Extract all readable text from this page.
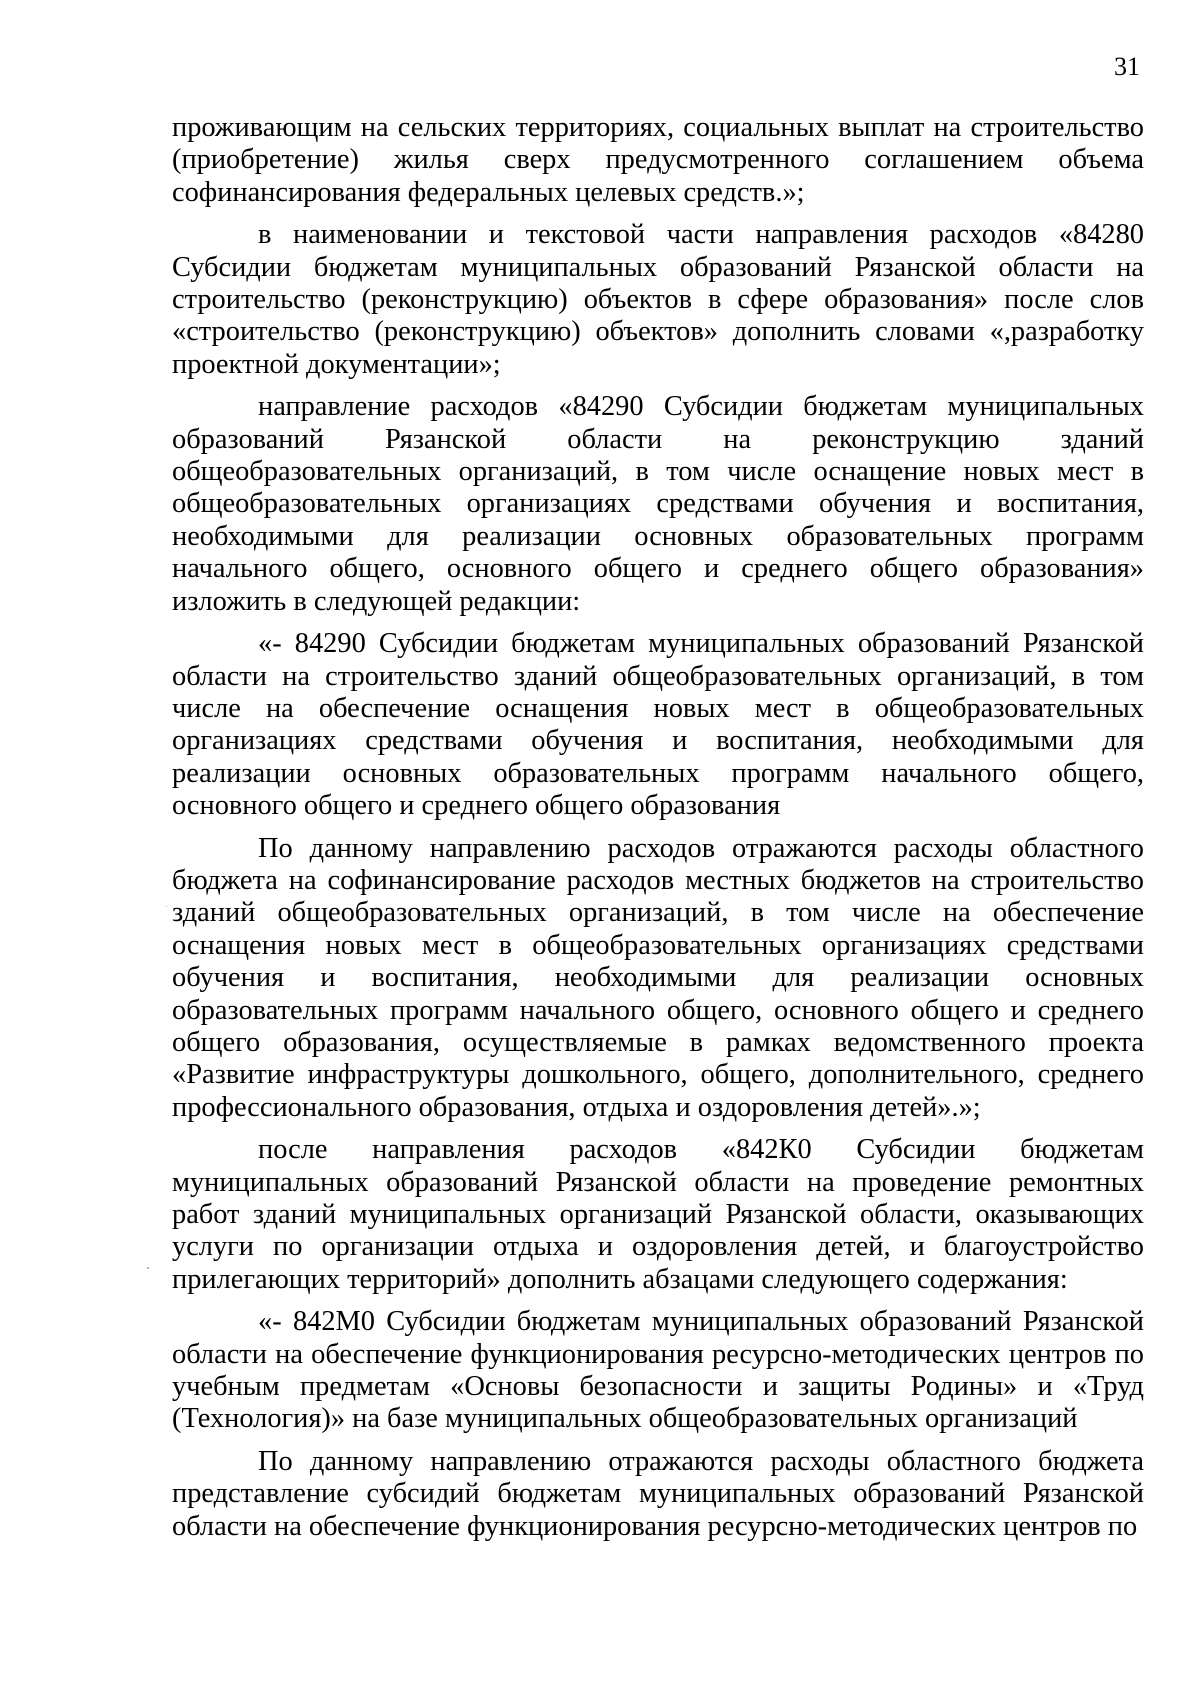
31

проживающим на сельских территориях, социальных выплат на строительство (приобретение) жилья сверх предусмотренного соглашением объема софинансирования федеральных целевых средств.»;

в наименовании и текстовой части направления расходов «84280 Субсидии бюджетам муниципальных образований Рязанской области на строительство (реконструкцию) объектов в сфере образования» после слов «строительство (реконструкцию) объектов» дополнить словами «,разработку проектной документации»;

направление расходов «84290 Субсидии бюджетам муниципальных образований Рязанской области на реконструкцию зданий общеобразовательных организаций, в том числе оснащение новых мест в общеобразовательных организациях средствами обучения и воспитания, необходимыми для реализации основных образовательных программ начального общего, основного общего и среднего общего образования» изложить в следующей редакции:

«- 84290 Субсидии бюджетам муниципальных образований Рязанской области на строительство зданий общеобразовательных организаций, в том числе на обеспечение оснащения новых мест в общеобразовательных организациях средствами обучения и воспитания, необходимыми для реализации основных образовательных программ начального общего, основного общего и среднего общего образования

По данному направлению расходов отражаются расходы областного бюджета на софинансирование расходов местных бюджетов на строительство зданий общеобразовательных организаций, в том числе на обеспечение оснащения новых мест в общеобразовательных организациях средствами обучения и воспитания, необходимыми для реализации основных образовательных программ начального общего, основного общего и среднего общего образования, осуществляемые в рамках ведомственного проекта «Развитие инфраструктуры дошкольного, общего, дополнительного, среднего профессионального образования, отдыха и оздоровления детей».»;

после направления расходов «842К0 Субсидии бюджетам муниципальных образований Рязанской области на проведение ремонтных работ зданий муниципальных организаций Рязанской области, оказывающих услуги по организации отдыха и оздоровления детей, и благоустройство прилегающих территорий» дополнить абзацами следующего содержания:

«- 842М0 Субсидии бюджетам муниципальных образований Рязанской области на обеспечение функционирования ресурсно-методических центров по учебным предметам «Основы безопасности и защиты Родины» и «Труд (Технология)» на базе муниципальных общеобразовательных организаций

По данному направлению отражаются расходы областного бюджета представление субсидий бюджетам муниципальных образований Рязанской области на обеспечение функционирования ресурсно-методических центров по
